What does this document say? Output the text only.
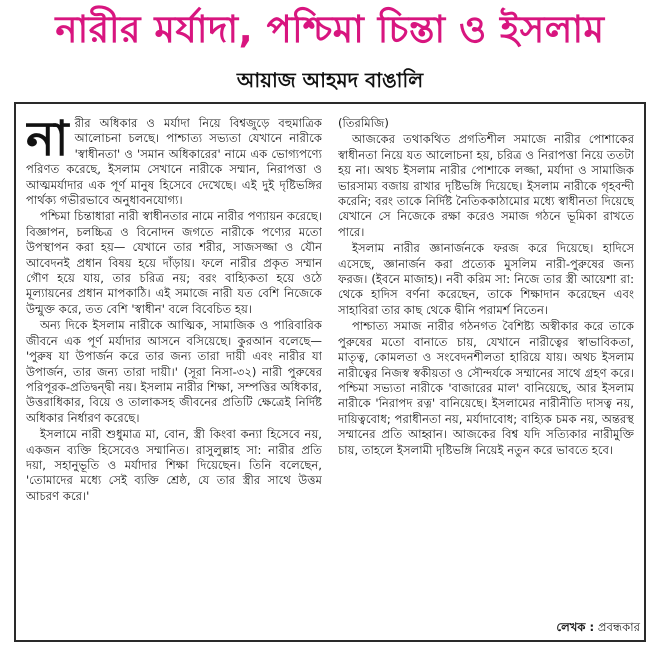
নারীর মর্যাদা, পশ্চিমা চিন্তা ও ইসলাম
আয়াজ আহমদ বাঙালি

নারীর অধিকার ও মর্যাদা নিয়ে বিশ্বজুড়ে বহুমাত্রিক আলোচনা চলছে। পাশ্চাত্য সভ্যতা যেখানে নারীকে 'স্বাধীনতা' ও 'সমান অধিকারের' নামে এক ভোগ্যপণ্যে পরিণত করেছে, ইসলাম সেখানে নারীকে সম্মান, নিরাপত্তা ও আত্মমর্যাদার এক পূর্ণ মানুষ হিসেবে দেখেছে। এই দুই দৃষ্টিভঙ্গির পার্থক্য গভীরভাবে অনুধাবনযোগ্য।

পশ্চিমা চিন্তাধারা নারী স্বাধীনতার নামে নারীর পণ্যায়ন করেছে। বিজ্ঞাপন, চলচ্চিত্র ও বিনোদন জগতে নারীকে পণ্যের মতো উপস্থাপন করা হয়— যেখানে তার শরীর, সাজসজ্জা ও যৌন আবেদনই প্রধান বিষয় হয়ে দাঁড়ায়। ফলে নারীর প্রকৃত সম্মান গৌণ হয়ে যায়, তার চরিত্র নয়; বরং বাহ্যিকতা হয়ে ওঠে মূল্যায়নের প্রধান মাপকাঠি। এই সমাজে নারী যত বেশি নিজেকে উন্মুক্ত করে, তত বেশি 'স্বাধীন' বলে বিবেচিত হয়।

অন্য দিকে ইসলাম নারীকে আত্মিক, সামাজিক ও পারিবারিক জীবনে এক পূর্ণ মর্যাদার আসনে বসিয়েছে। কুরআন বলেছে— 'পুরুষ যা উপার্জন করে তার জন্য তারা দায়ী এবং নারীর যা উপার্জন, তার জন্য তারা দায়ী।' (সূরা নিসা-৩২) নারী পুরুষের পরিপূরক-প্রতিদ্বন্দ্বী নয়। ইসলাম নারীর শিক্ষা, সম্পত্তির অধিকার, উত্তরাধিকার, বিয়ে ও তালাকসহ জীবনের প্রতিটি ক্ষেত্রেই নির্দিষ্ট অধিকার নির্ধারণ করেছে।

ইসলামে নারী শুধুমাত্র মা, বোন, স্ত্রী কিংবা কন্যা হিসেবে নয়, একজন ব্যক্তি হিসেবেও সম্মানিত। রাসুলুল্লাহ সা: নারীর প্রতি দয়া, সহানুভূতি ও মর্যাদার শিক্ষা দিয়েছেন। তিনি বলেছেন, 'তোমাদের মধ্যে সেই ব্যক্তি শ্রেষ্ঠ, যে তার স্ত্রীর সাথে উত্তম আচরণ করে।'

(তিরমিজি)

আজকের তথাকথিত প্রগতিশীল সমাজে নারীর পোশাকের স্বাধীনতা নিয়ে যত আলোচনা হয়, চরিত্র ও নিরাপত্তা নিয়ে ততটা হয় না। অথচ ইসলাম নারীর পোশাকে লজ্জা, মর্যাদা ও সামাজিক ভারসাম্য বজায় রাখার দৃষ্টিভঙ্গি দিয়েছে। ইসলাম নারীকে গৃহবন্দী করেনি; বরং তাকে নির্দিষ্ট নৈতিককাঠামোর মধ্যে স্বাধীনতা দিয়েছে যেখানে সে নিজেকে রক্ষা করেও সমাজ গঠনে ভূমিকা রাখতে পারে।

ইসলাম নারীর জ্ঞানার্জনকে ফরজ করে দিয়েছে। হাদিসে এসেছে, জ্ঞানার্জন করা প্রত্যেক মুসলিম নারী-পুরুষের জন্য ফরজ। (ইবনে মাজাহ)। নবী করিম সা: নিজে তার স্ত্রী আয়েশা রা: থেকে হাদিস বর্ণনা করেছেন, তাকে শিক্ষাদান করেছেন এবং সাহাবিরা তার কাছ থেকে দ্বীনি পরামর্শ নিতেন।

পাশ্চাত্য সমাজ নারীর গঠনগত বৈশিষ্ট্য অস্বীকার করে তাকে পুরুষের মতো বানাতে চায়, যেখানে নারীত্বের স্বাভাবিকতা, মাতৃত্ব, কোমলতা ও সংবেদনশীলতা হারিয়ে যায়। অথচ ইসলাম নারীত্বের নিজস্ব স্বকীয়তা ও সৌন্দর্যকে সম্মানের সাথে গ্রহণ করে। পশ্চিমা সভ্যতা নারীকে 'বাজারের মাল' বানিয়েছে, আর ইসলাম নারীকে 'নিরাপদ রত্ন' বানিয়েছে। ইসলামের নারীনীতি দাসত্ব নয়, দায়িত্ববোধ; পরাধীনতা নয়, মর্যাদাবোধ; বাহ্যিক চমক নয়, অন্তরস্থ সম্মানের প্রতি আহ্বান। আজকের বিশ্ব যদি সত্যিকার নারীমুক্তি চায়, তাহলে ইসলামী দৃষ্টিভঙ্গি নিয়েই নতুন করে ভাবতে হবে।

লেখক : প্রবন্ধকার
